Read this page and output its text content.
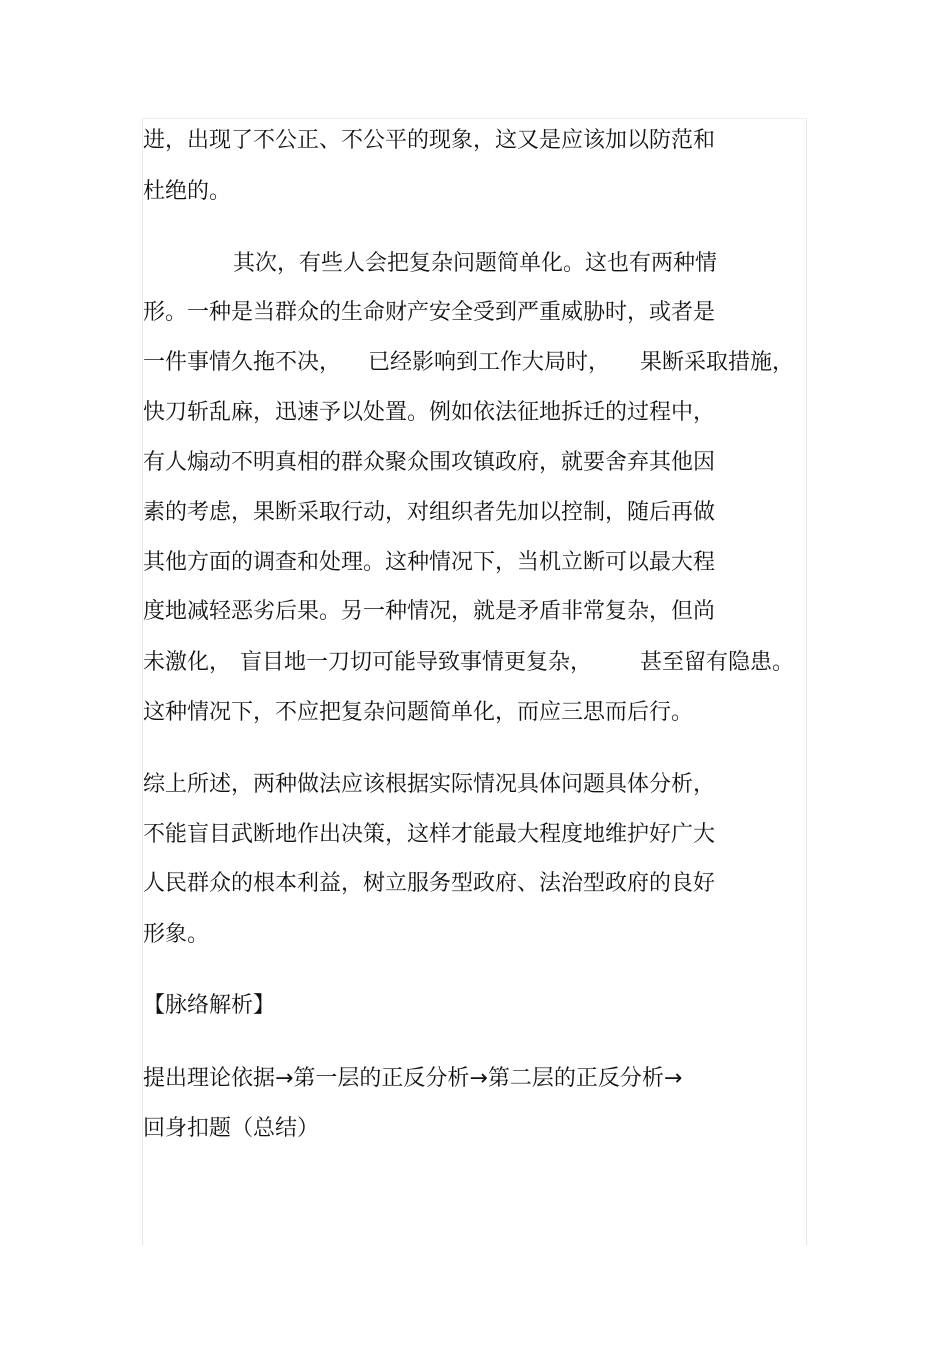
进，出现了不公正、不公平的现象，这又是应该加以防范和
杜绝的。
其次，有些人会把复杂问题简单化。这也有两种情
形。一种是当群众的生命财产安全受到严重威胁时，或者是
一件事情久拖不决， 已经影响到工作大局时， 果断采取措施，
快刀斩乱麻，迅速予以处置。例如依法征地拆迁的过程中，
有人煽动不明真相的群众聚众围攻镇政府，就要舍弃其他因
素的考虑，果断采取行动，对组织者先加以控制，随后再做
其他方面的调查和处理。这种情况下，当机立断可以最大程
度地减轻恶劣后果。另一种情况，就是矛盾非常复杂，但尚
未激化， 盲目地一刀切可能导致事情更复杂， 甚至留有隐患。
这种情况下，不应把复杂问题简单化，而应三思而后行。
综上所述，两种做法应该根据实际情况具体问题具体分析，
不能盲目武断地作出决策，这样才能最大程度地维护好广大
人民群众的根本利益，树立服务型政府、法治型政府的良好
形象。
【脉络解析】
提出理论依据→第一层的正反分析→第二层的正反分析→
回身扣题（总结）
